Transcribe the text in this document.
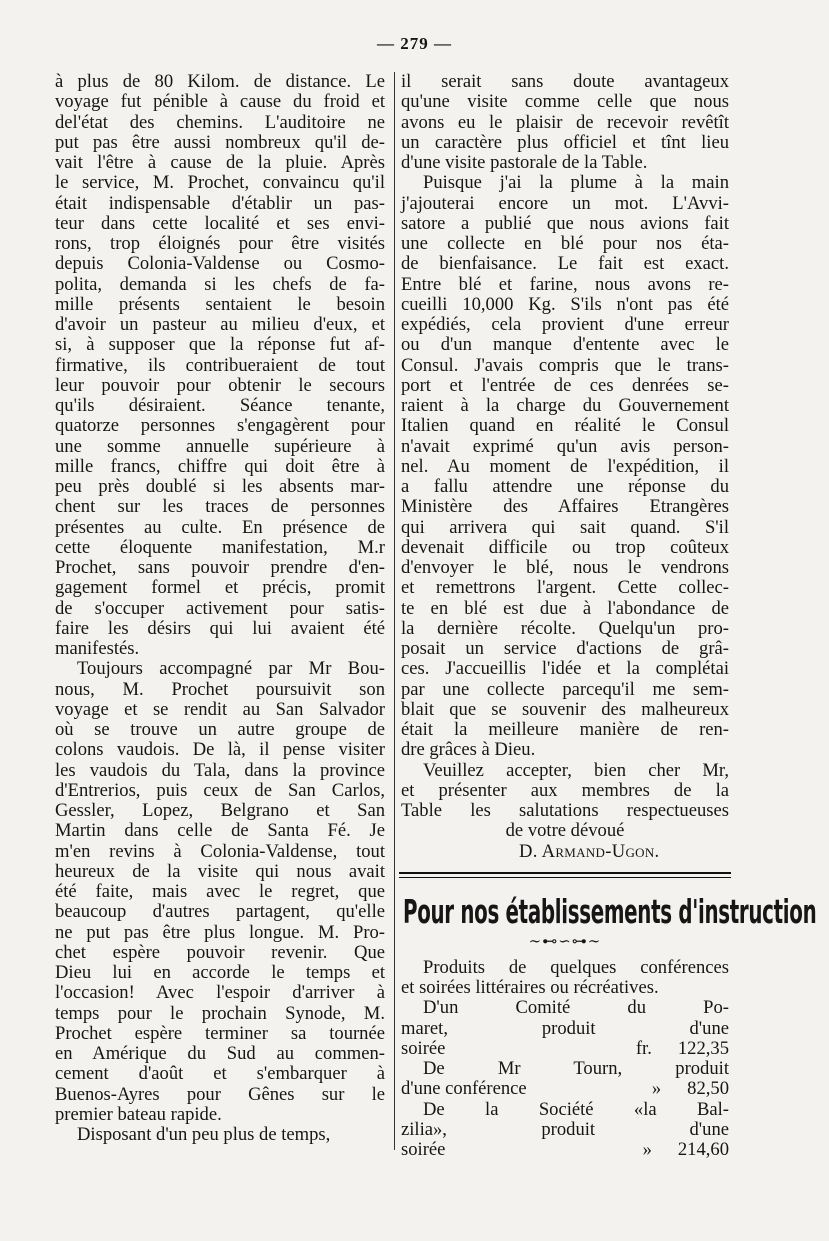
— 279 —
à plus de 80 Kilom. de distance. Le
voyage fut pénible à cause du froid et
del'état des chemins. L'auditoire ne
put pas être aussi nombreux qu'il de-
vait l'être à cause de la pluie. Après
le service, M. Prochet, convaincu qu'il
était indispensable d'établir un pas-
teur dans cette localité et ses envi-
rons, trop éloignés pour être visités
depuis Colonia-Valdense ou Cosmo-
polita, demanda si les chefs de fa-
mille présents sentaient le besoin
d'avoir un pasteur au milieu d'eux, et
si, à supposer que la réponse fut af-
firmative, ils contribueraient de tout
leur pouvoir pour obtenir le secours
qu'ils désiraient. Séance tenante,
quatorze personnes s'engagèrent pour
une somme annuelle supérieure à
mille francs, chiffre qui doit être à
peu près doublé si les absents mar-
chent sur les traces de personnes
présentes au culte. En présence de
cette éloquente manifestation, M.r
Prochet, sans pouvoir prendre d'en-
gagement formel et précis, promit
de s'occuper activement pour satis-
faire les désirs qui lui avaient été
manifestés.
Toujours accompagné par Mr Bou-
nous, M. Prochet poursuivit son
voyage et se rendit au San Salvador
où se trouve un autre groupe de
colons vaudois. De là, il pense visiter
les vaudois du Tala, dans la province
d'Entrerios, puis ceux de San Carlos,
Gessler, Lopez, Belgrano et San
Martin dans celle de Santa Fé. Je
m'en revins à Colonia-Valdense, tout
heureux de la visite qui nous avait
été faite, mais avec le regret, que
beaucoup d'autres partagent, qu'elle
ne put pas être plus longue. M. Pro-
chet espère pouvoir revenir. Que
Dieu lui en accorde le temps et
l'occasion! Avec l'espoir d'arriver à
temps pour le prochain Synode, M.
Prochet espère terminer sa tournée
en Amérique du Sud au commen-
cement d'août et s'embarquer à
Buenos-Ayres pour Gênes sur le
premier bateau rapide.
Disposant d'un peu plus de temps,
il serait sans doute avantageux
qu'une visite comme celle que nous
avons eu le plaisir de recevoir revêtît
un caractère plus officiel et tînt lieu
d'une visite pastorale de la Table.
Puisque j'ai la plume à la main
j'ajouterai encore un mot. L'Avvi-
satore a publié que nous avions fait
une collecte en blé pour nos éta-
de bienfaisance. Le fait est exact.
Entre blé et farine, nous avons re-
cueilli 10,000 Kg. S'ils n'ont pas été
expédiés, cela provient d'une erreur
ou d'un manque d'entente avec le
Consul. J'avais compris que le trans-
port et l'entrée de ces denrées se-
raient à la charge du Gouvernement
Italien quand en réalité le Consul
n'avait exprimé qu'un avis person-
nel. Au moment de l'expédition, il
a fallu attendre une réponse du
Ministère des Affaires Etrangères
qui arrivera qui sait quand. S'il
devenait difficile ou trop coûteux
d'envoyer le blé, nous le vendrons
et remettrons l'argent. Cette collec-
te en blé est due à l'abondance de
la dernière récolte. Quelqu'un pro-
posait un service d'actions de grâ-
ces. J'accueillis l'idée et la complétai
par une collecte parcequ'il me sem-
blait que se souvenir des malheureux
était la meilleure manière de ren-
dre grâces à Dieu.
Veuillez accepter, bien cher Mr,
et présenter aux membres de la
Table les salutations respectueuses
de votre dévoué
D. Armand-Ugon.
Pour nos établissements d'instruction
∼⊷∽⊶∼
Produits de quelques conférences
et soirées littéraires ou récréatives.
D'un Comité du Po-
maret, produit d'une
soirée	fr. 122,35
De Mr Tourn, produit
d'une conférence	» 82,50
De la Société «la Bal-
zilia», produit d'une
soirée	» 214,60
